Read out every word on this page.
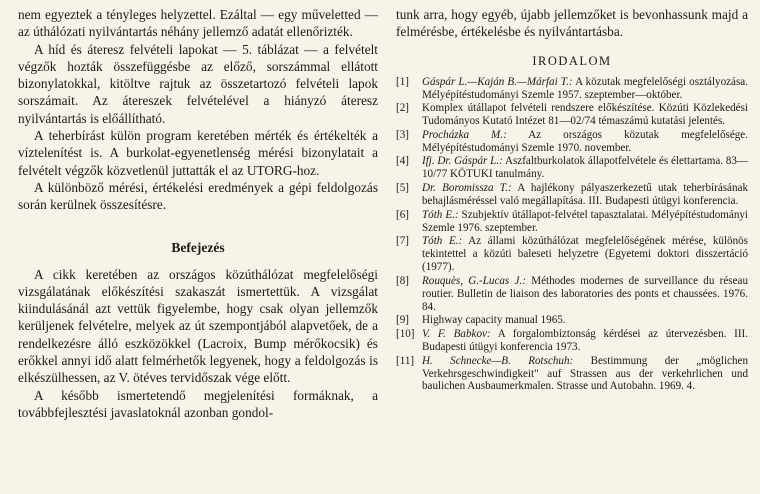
nem egyeztek a tényleges helyzettel. Ezáltal — egy műveletted — az úthálózati nyilvántartás néhány jellemző adatát ellenőrizték.

A híd és áteresz felvételi lapokat — 5. táblázat — a felvételt végzők hozták összefüggésbe az előző, sorszámmal ellátott bizonylatokkal, kitöltve rajtuk az összetartozó felvételi lapok sorszámait. Az átereszek felvételével a hiányzó áteresz nyilvántartás is előállítható.

A teherbírást külön program keretében mérték és értékelték a víztelenítést is. A burkolat-egyenetlenség mérési bizonylatait a felvételt végzők közvetlenül juttatták el az UTORG-hoz.

A különböző mérési, értékelési eredmények a gépi feldolgozás során kerülnek összesítésre.

Befejezés

A cikk keretében az országos közúthálózat megfelelőségi vizsgálatának előkészítési szakaszát ismertettük. A vizsgálat kiindulásánál azt vettük figyelembe, hogy csak olyan jellemzők kerüljenek felvételre, melyek az út szempontjából alapvetőek, de a rendelkezésre álló eszközökkel (Lacroix, Bump mérőkocsik) és erőkkel annyi idő alatt felmérhetők legyenek, hogy a feldolgozás is elkészülhessen, az V. ötéves tervidőszak vége előtt.

A később ismertetendő megjelenítési formáknak, a továbbfejlesztési javaslatoknál azonban gondol-

tunk arra, hogy egyéb, újabb jellemzőket is bevonhassunk majd a felmérésbe, értékelésbe és nyilvántartásba.

IRODALOM
[1] Gáspár L.—Kaján B.—Márfai T.: A közutak megfelelőségi osztályozása. Mélyépítéstudományi Szemle 1957. szeptember—október.
[2] Komplex útállapot felvételi rendszere előkészítése. Közúti Közlekedési Tudományos Kutató Intézet 81—02/74 témaszámú kutatási jelentés.
[3] Procházka M.: Az országos közutak megfelelősége. Mélyépítéstudományi Szemle 1970. november.
[4] Ifj. Dr. Gáspár L.: Aszfaltburkolatok állapotfelvétele és élettartama. 83—10/77 KÖTUKI tanulmány.
[5] Dr. Boromissza T.: A hajlékony pályaszerkezetű utak teherbírásának behajlásméréssel való megállapítása. III. Budapesti útügyi konferencia.
[6] Tóth E.: Szubjektív útállapot-felvétel tapasztalatai. Mélyépítéstudományi Szemle 1976. szeptember.
[7] Tóth E.: Az állami közúthálózat megfelelőségének mérése, különös tekintettel a közúti baleseti helyzetre (Egyetemi doktori disszertáció (1977).
[8] Rouquès, G.-Lucas J.: Méthodes modernes de surveillance du réseau routier. Bulletin de liaison des laboratories des ponts et chaussées. 1976. 84.
[9] Highway capacity manual 1965.
[10] V. F. Babkov: A forgalombiztonság kérdései az útervezésben. III. Budapesti útügyi konferencia 1973.
[11] H. Schnecke—B. Rotschuh: Bestimmung der „möglichen Verkehrsgeschwindigkeit" auf Strassen aus der verkehrlichen und baulichen Ausbaumerkmalen. Strasse und Autobahn. 1969. 4.
